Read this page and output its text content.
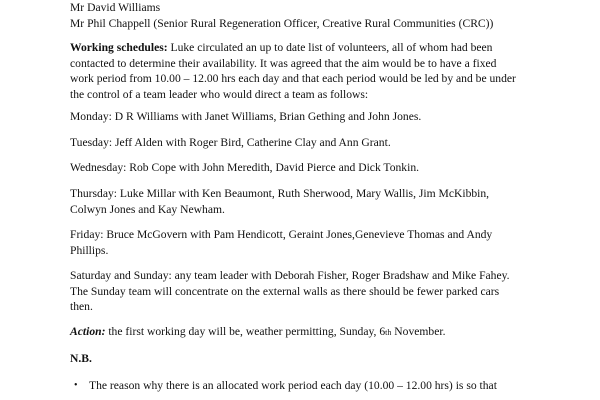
Mr David Williams
Mr Phil Chappell (Senior Rural Regeneration Officer, Creative Rural Communities (CRC))

Working schedules: Luke circulated an up to date list of volunteers, all of whom had been
contacted to determine their availability. It was agreed that the aim would be to have a fixed
work period from 10.00 – 12.00 hrs each day and that each period would be led by and be under
the control of a team leader who would direct a team as follows:

Monday: D R Williams with Janet Williams, Brian Gething and John Jones.

Tuesday: Jeff Alden with Roger Bird, Catherine Clay and Ann Grant.

Wednesday: Rob Cope with John Meredith, David Pierce and Dick Tonkin.

Thursday: Luke Millar with Ken Beaumont, Ruth Sherwood, Mary Wallis, Jim McKibbin,
Colwyn Jones and Kay Newham.

Friday: Bruce McGovern with Pam Hendicott, Geraint Jones,Genevieve Thomas and Andy
Phillips.

Saturday and Sunday: any team leader with Deborah Fisher, Roger Bradshaw and Mike Fahey.
The Sunday team will concentrate on the external walls as there should be fewer parked cars
then.

Action: the first working day will be, weather permitting, Sunday, 6th November.

N.B.

• The reason why there is an allocated work period each day (10.00 – 12.00 hrs) is so that
